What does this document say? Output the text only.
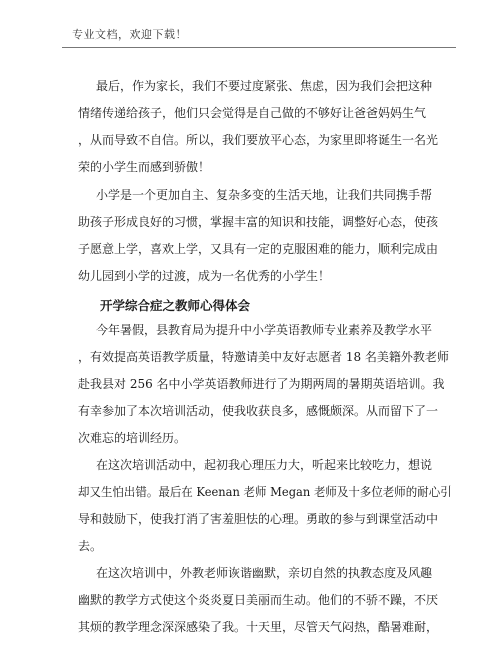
专业文档，欢迎下载！
最后，作为家长，我们不要过度紧张、焦虑，因为我们会把这种
情绪传递给孩子，他们只会觉得是自己做的不够好让爸爸妈妈生气
，从而导致不自信。所以，我们要放平心态，为家里即将诞生一名光
荣的小学生而感到骄傲！
小学是一个更加自主、复杂多变的生活天地，让我们共同携手帮
助孩子形成良好的习惯，掌握丰富的知识和技能，调整好心态，使孩
子愿意上学，喜欢上学，又具有一定的克服困难的能力，顺利完成由
幼儿园到小学的过渡，成为一名优秀的小学生！
开学综合症之教师心得体会
今年暑假，县教育局为提升中小学英语教师专业素养及教学水平
，有效提高英语教学质量，特邀请美中友好志愿者 18 名美籍外教老师
赴我县对 256 名中小学英语教师进行了为期两周的暑期英语培训。我
有幸参加了本次培训活动，使我收获良多，感慨颇深。从而留下了一
次难忘的培训经历。
在这次培训活动中，起初我心理压力大，听起来比较吃力，想说
却又生怕出错。最后在 Keenan 老师 Megan 老师及十多位老师的耐心引
导和鼓励下，使我打消了害羞胆怯的心理。勇敢的参与到课堂活动中
去。
在这次培训中，外教老师诙谐幽默，亲切自然的执教态度及风趣
幽默的教学方式使这个炎炎夏日美丽而生动。他们的不骄不躁，不厌
其烦的教学理念深深感染了我。十天里，尽管天气闷热，酷暑难耐，
